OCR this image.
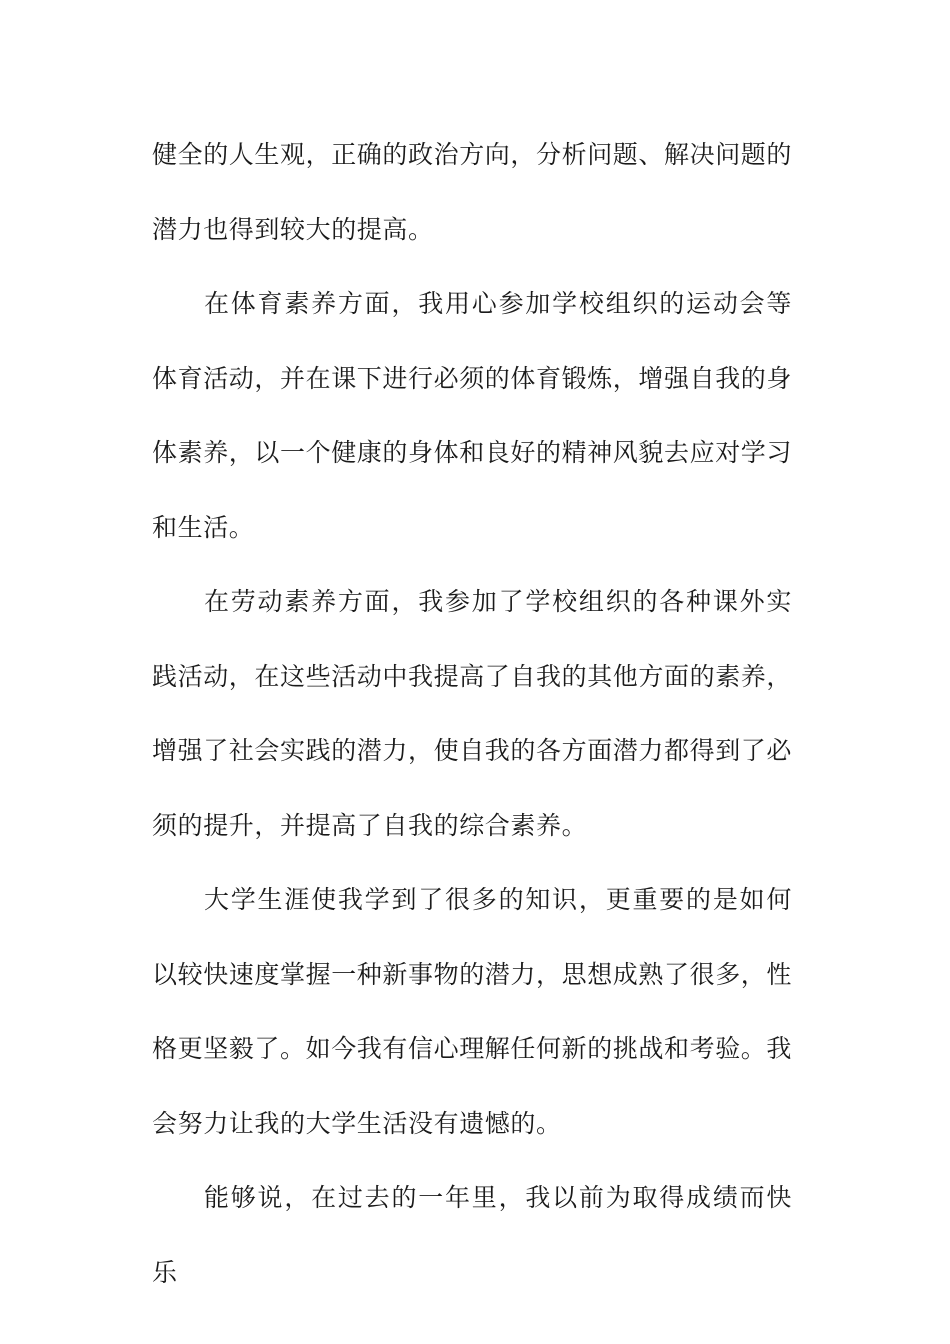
健全的人生观，正确的政治方向，分析问题、解决问题的潜力也得到较大的提高。

在体育素养方面，我用心参加学校组织的运动会等体育活动，并在课下进行必须的体育锻炼，增强自我的身体素养，以一个健康的身体和良好的精神风貌去应对学习和生活。

在劳动素养方面，我参加了学校组织的各种课外实践活动，在这些活动中我提高了自我的其他方面的素养，增强了社会实践的潜力，使自我的各方面潜力都得到了必须的提升，并提高了自我的综合素养。

大学生涯使我学到了很多的知识，更重要的是如何以较快速度掌握一种新事物的潜力，思想成熟了很多，性格更坚毅了。如今我有信心理解任何新的挑战和考验。我会努力让我的大学生活没有遗憾的。

能够说，在过去的一年里，我以前为取得成绩而快乐
